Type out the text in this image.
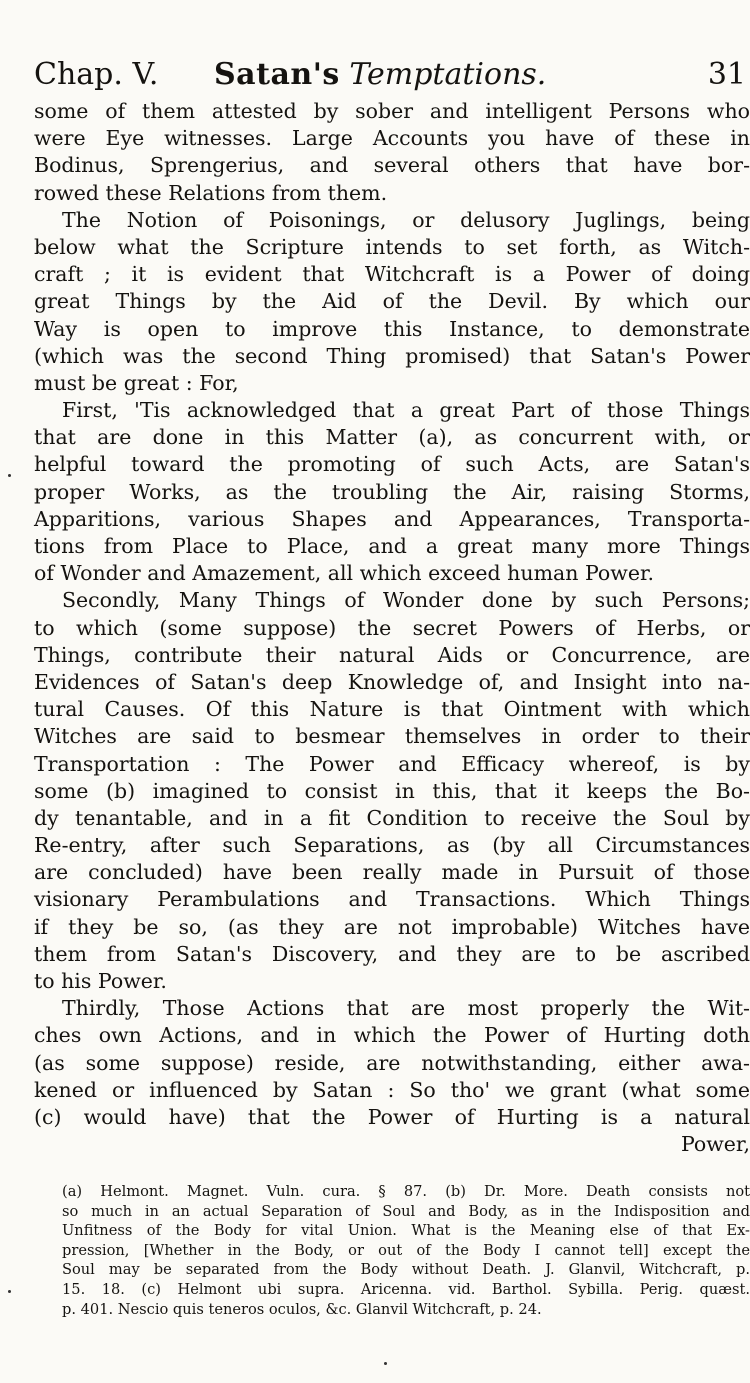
Chap. V. Satan's Temptations.	31
some of them attested by sober and intelligent Persons who
were Eye witnesses. Large Accounts you have of these in
Bodinus, Sprengerius, and several others that have bor-
rowed these Relations from them.
The Notion of Poisonings, or delusory Juglings, being
below what the Scripture intends to set forth, as Witch-
craft ; it is evident that Witchcraft is a Power of doing
great Things by the Aid of the Devil. By which our
Way is open to improve this Instance, to demonstrate
(which was the second Thing promised) that Satan's Power
must be great : For,
First, 'Tis acknowledged that a great Part of those Things
that are done in this Matter (a), as concurrent with, or
helpful toward the promoting of such Acts, are Satan's
proper Works, as the troubling the Air, raising Storms,
Apparitions, various Shapes and Appearances, Transporta-
tions from Place to Place, and a great many more Things
of Wonder and Amazement, all which exceed human Power.
Secondly, Many Things of Wonder done by such Persons;
to which (some suppose) the secret Powers of Herbs, or
Things, contribute their natural Aids or Concurrence, are
Evidences of Satan's deep Knowledge of, and Insight into na-
tural Causes. Of this Nature is that Ointment with which
Witches are said to besmear themselves in order to their
Transportation : The Power and Efficacy whereof, is by
some (b) imagined to consist in this, that it keeps the Bo-
dy tenantable, and in a fit Condition to receive the Soul by
Re-entry, after such Separations, as (by all Circumstances
are concluded) have been really made in Pursuit of those
visionary Perambulations and Transactions. Which Things
if they be so, (as they are not improbable) Witches have
them from Satan's Discovery, and they are to be ascribed
to his Power.
Thirdly, Those Actions that are most properly the Wit-
ches own Actions, and in which the Power of Hurting doth
(as some suppose) reside, are notwithstanding, either awa-
kened or influenced by Satan : So tho' we grant (what some
(c) would have) that the Power of Hurting is a natural
Power,
(a) Helmont. Magnet. Vuln. cura. § 87. (b) Dr. More. Death consists not
so much in an actual Separation of Soul and Body, as in the Indisposition and
Unfitness of the Body for vital Union. What is the Meaning else of that Ex-
pression, [Whether in the Body, or out of the Body I cannot tell] except the
Soul may be separated from the Body without Death. J. Glanvil, Witchcraft, p.
15. 18. (c) Helmont ubi supra. Aricenna. vid. Barthol. Sybilla. Perig. quæst.
p. 401. Nescio quis teneros oculos, &c. Glanvil Witchcraft, p. 24.
